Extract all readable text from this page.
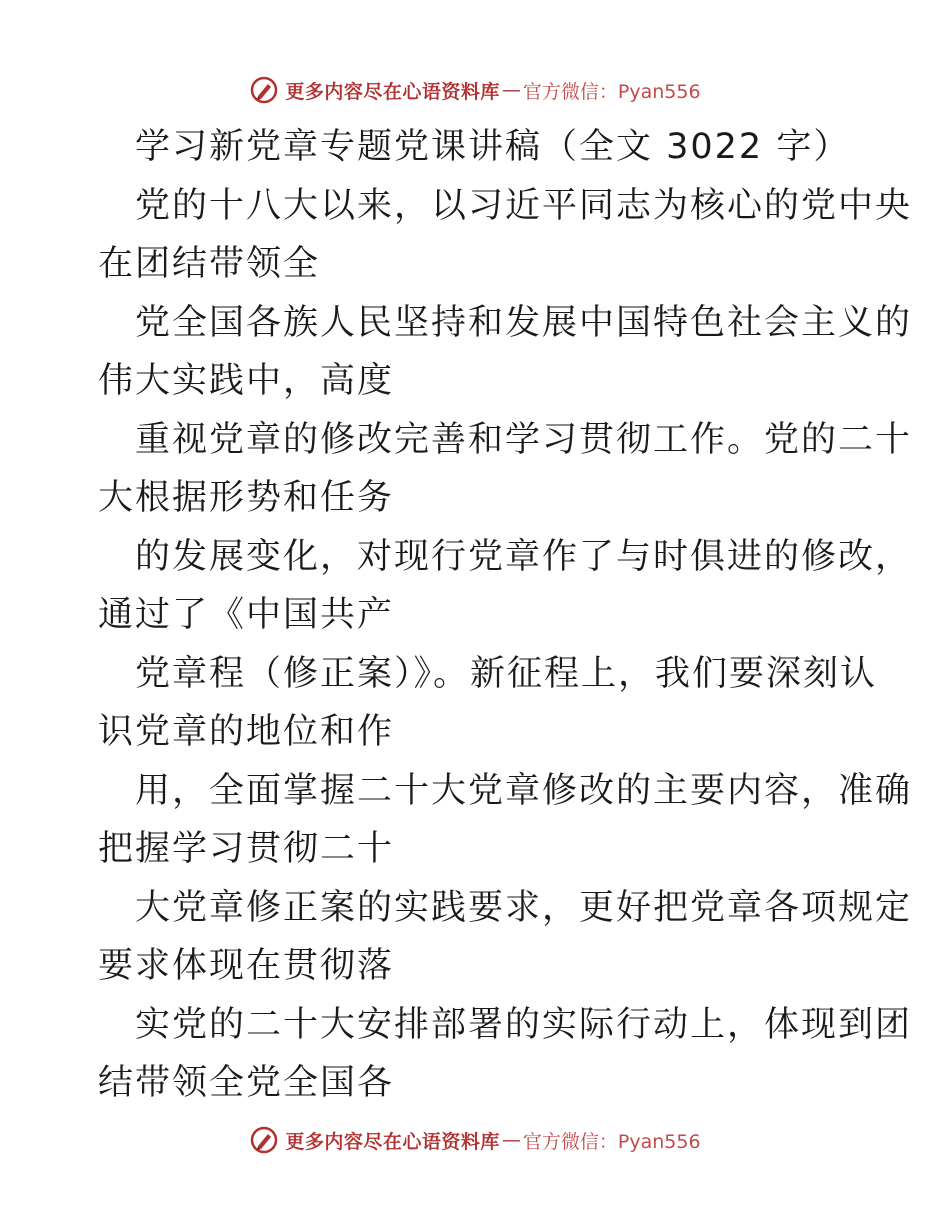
更多内容尽在心语资料库 — 官方微信：Pyan556
学习新党章专题党课讲稿（全文 3022 字）
党的十八大以来，以习近平同志为核心的党中央
在团结带领全
党全国各族人民坚持和发展中国特色社会主义的
伟大实践中，高度
重视党章的修改完善和学习贯彻工作。党的二十
大根据形势和任务
的发展变化，对现行党章作了与时俱进的修改，
通过了《中国共产
党章程（修正案）》。新征程上，我们要深刻认
识党章的地位和作
用，全面掌握二十大党章修改的主要内容，准确
把握学习贯彻二十
大党章修正案的实践要求，更好把党章各项规定
要求体现在贯彻落
实党的二十大安排部署的实际行动上，体现到团
结带领全党全国各
更多内容尽在心语资料库 — 官方微信：Pyan556
